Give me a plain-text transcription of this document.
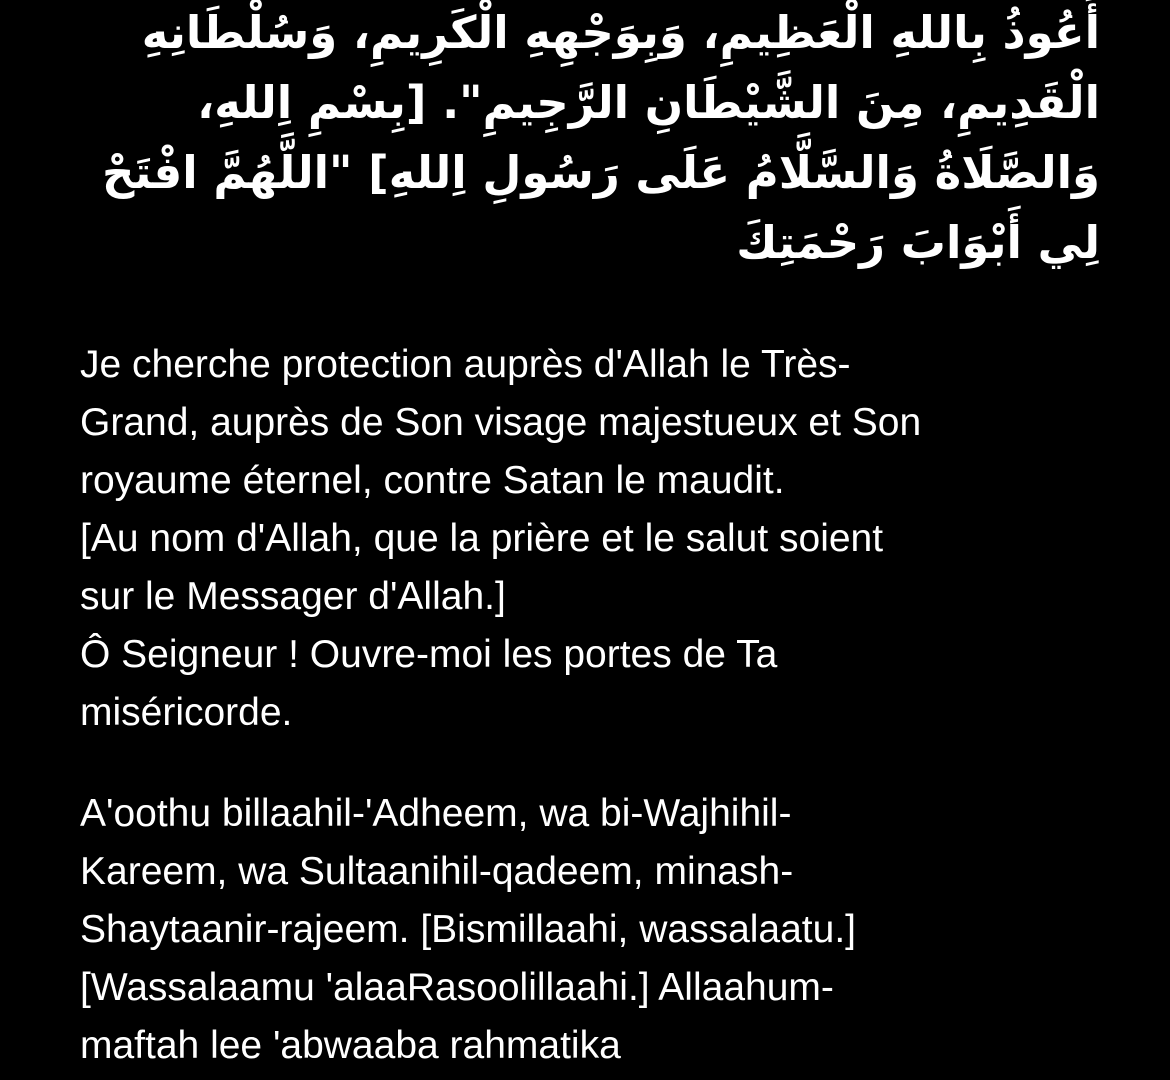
أَعُوذُ بِاللهِ الْعَظِيمِ، وَبِوَجْهِهِ الْكَرِيمِ، وَسُلْطَانِهِ الْقَدِيمِ، مِنَ الشَّيْطَانِ الرَّجِيمِ". [بِسْمِ اِللهِ، وَالصَّلَاةُ وَالسَّلَّامُ عَلَى رَسُولِ اِللهِ] "اللَّهُمَّ افْتَحْ لِي أَبْوَابَ رَحْمَتِكَ
Je cherche protection auprès d'Allah le Très-
Grand, auprès de Son visage majestueux et Son
royaume éternel, contre Satan le maudit.
[Au nom d'Allah, que la prière et le salut soient
sur le Messager d'Allah.]
Ô Seigneur ! Ouvre-moi les portes de Ta
miséricorde.
A'oothu billaahil-'Adheem, wa bi-Wajhihil-
Kareem, wa Sultaanihil-qadeem, minash-
Shaytaanir-rajeem. [Bismillaahi, wassalaatu.]
[Wassalaamu 'alaaRasoolillaahi.] Allaahum-
maftah lee 'abwaaba rahmatika
